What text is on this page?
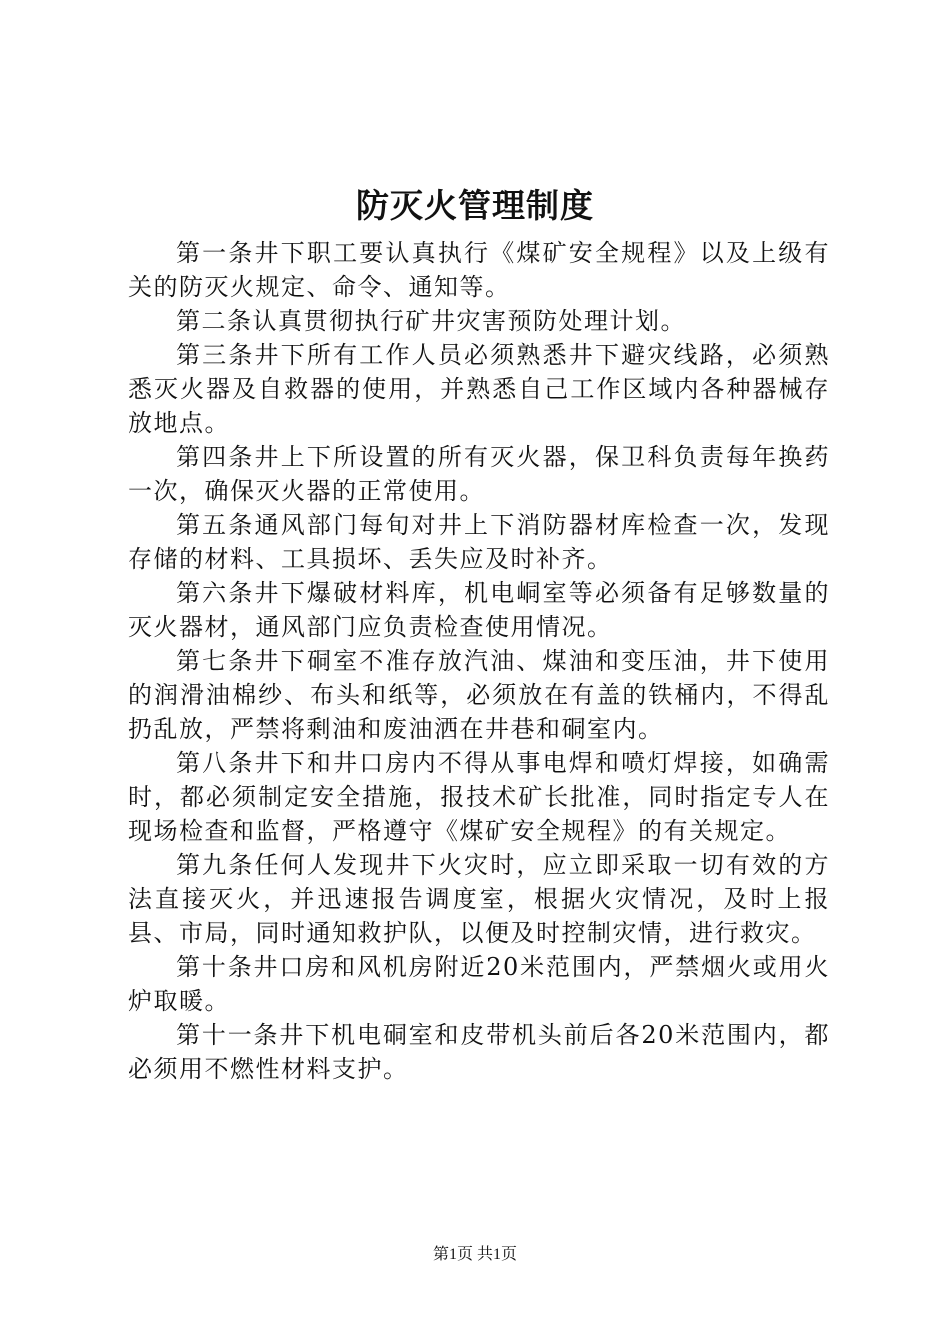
防灭火管理制度

第一条井下职工要认真执行《煤矿安全规程》以及上级有关的防灭火规定、命令、通知等。

第二条认真贯彻执行矿井灾害预防处理计划。

第三条井下所有工作人员必须熟悉井下避灾线路，必须熟悉灭火器及自救器的使用，并熟悉自己工作区域内各种器械存放地点。

第四条井上下所设置的所有灭火器，保卫科负责每年换药一次，确保灭火器的正常使用。

第五条通风部门每旬对井上下消防器材库检查一次，发现存储的材料、工具损坏、丢失应及时补齐。

第六条井下爆破材料库，机电峒室等必须备有足够数量的灭火器材，通风部门应负责检查使用情况。

第七条井下硐室不准存放汽油、煤油和变压油，井下使用的润滑油棉纱、布头和纸等，必须放在有盖的铁桶内，不得乱扔乱放，严禁将剩油和废油洒在井巷和硐室内。

第八条井下和井口房内不得从事电焊和喷灯焊接，如确需时，都必须制定安全措施，报技术矿长批准，同时指定专人在现场检查和监督，严格遵守《煤矿安全规程》的有关规定。

第九条任何人发现井下火灾时，应立即采取一切有效的方法直接灭火，并迅速报告调度室，根据火灾情况，及时上报县、市局，同时通知救护队，以便及时控制灾情，进行救灾。

第十条井口房和风机房附近20米范围内，严禁烟火或用火炉取暖。

第十一条井下机电硐室和皮带机头前后各20米范围内，都必须用不燃性材料支护。

第1页 共1页
